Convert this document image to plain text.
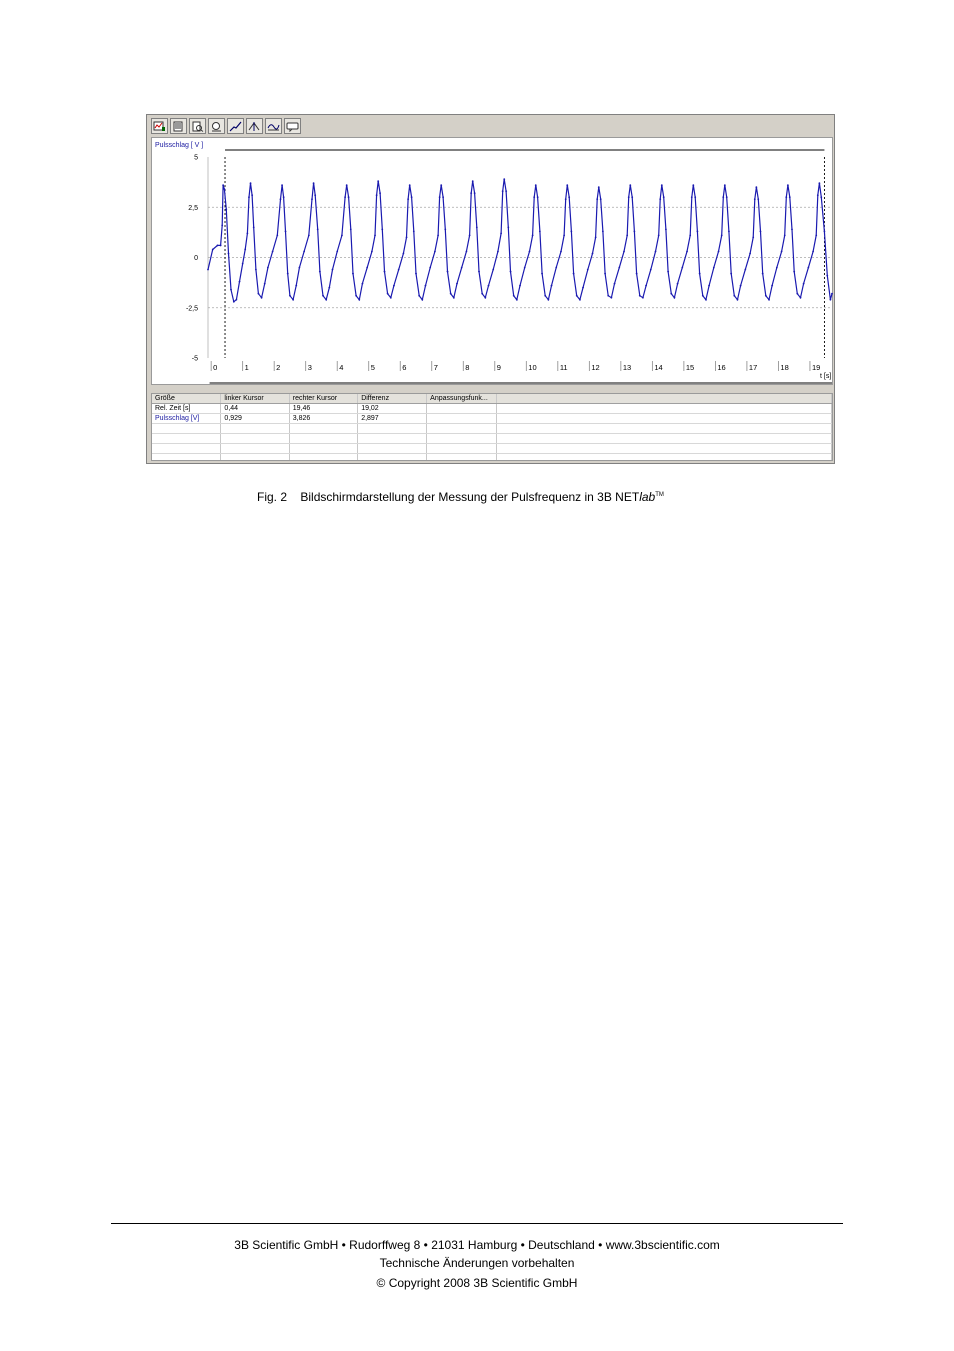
Pulsschlag [ V ]
5
2,5
0
-2,5
-5
0	1	2	3	4	5	6	7	8	9	10	11	12	13	14	15	16	17	18	19
t [s]
Größe	linker Kursor	rechter Kursor	Differenz	Anpassungsfunk...	
Rel. Zeit [s]	0,44	19,46	19,02		
Pulsschlag [V]	0,929	3,826	2,897		

Fig. 2 Bildschirmdarstellung der Messung der Pulsfrequenz in 3B NETlab™
3B Scientific GmbH • Rudorffweg 8 • 21031 Hamburg • Deutschland • www.3bscientific.com
Technische Änderungen vorbehalten
© Copyright 2008 3B Scientific GmbH
